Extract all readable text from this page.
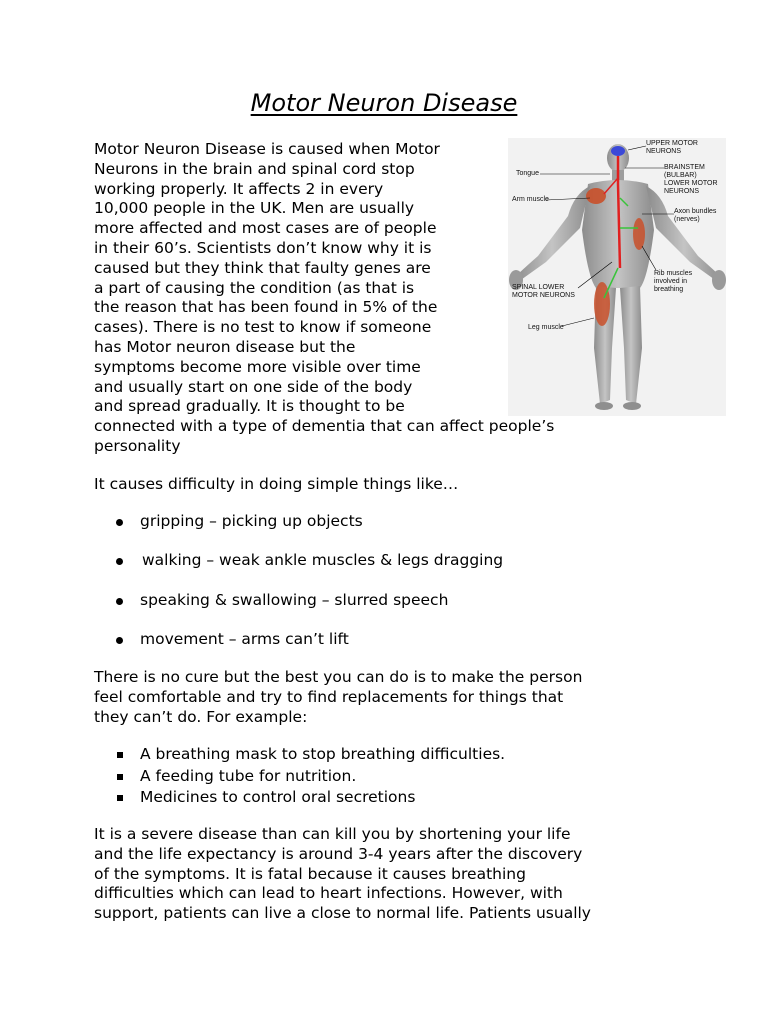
Motor Neuron Disease
Motor Neuron Disease is caused when Motor
Neurons in the brain and spinal cord stop
working properly. It affects 2 in every
10,000 people in the UK. Men are usually
more affected and most cases are of people
in their 60’s. Scientists don’t know why it is
caused but they think that faulty genes are
a part of causing the condition (as that is
the reason that has been found in 5% of the
cases). There is no test to know if someone
has Motor neuron disease but the
symptoms become more visible over time
and usually start on one side of the body
and spread gradually. It is thought to be
UPPER MOTOR
NEURONS
BRAINSTEM
(BULBAR)
LOWER MOTOR
NEURONS
Tongue
Arm muscle
Axon bundles
(nerves)
Rib muscles
involved in
breathing
SPINAL LOWER
MOTOR NEURONS
Leg muscle
connected with a type of dementia that can affect people’s
personality
It causes difficulty in doing simple things like…
gripping – picking up objects
walking – weak ankle muscles & legs dragging
speaking & swallowing – slurred speech
movement – arms can’t lift
There is no cure but the best you can do is to make the person
feel comfortable and try to find replacements for things that
they can’t do. For example:
A breathing mask to stop breathing difficulties.
A feeding tube for nutrition.
Medicines to control oral secretions
It is a severe disease than can kill you by shortening your life
and the life expectancy is around 3-4 years after the discovery
of the symptoms. It is fatal because it causes breathing
difficulties which can lead to heart infections. However, with
support, patients can live a close to normal life. Patients usually
